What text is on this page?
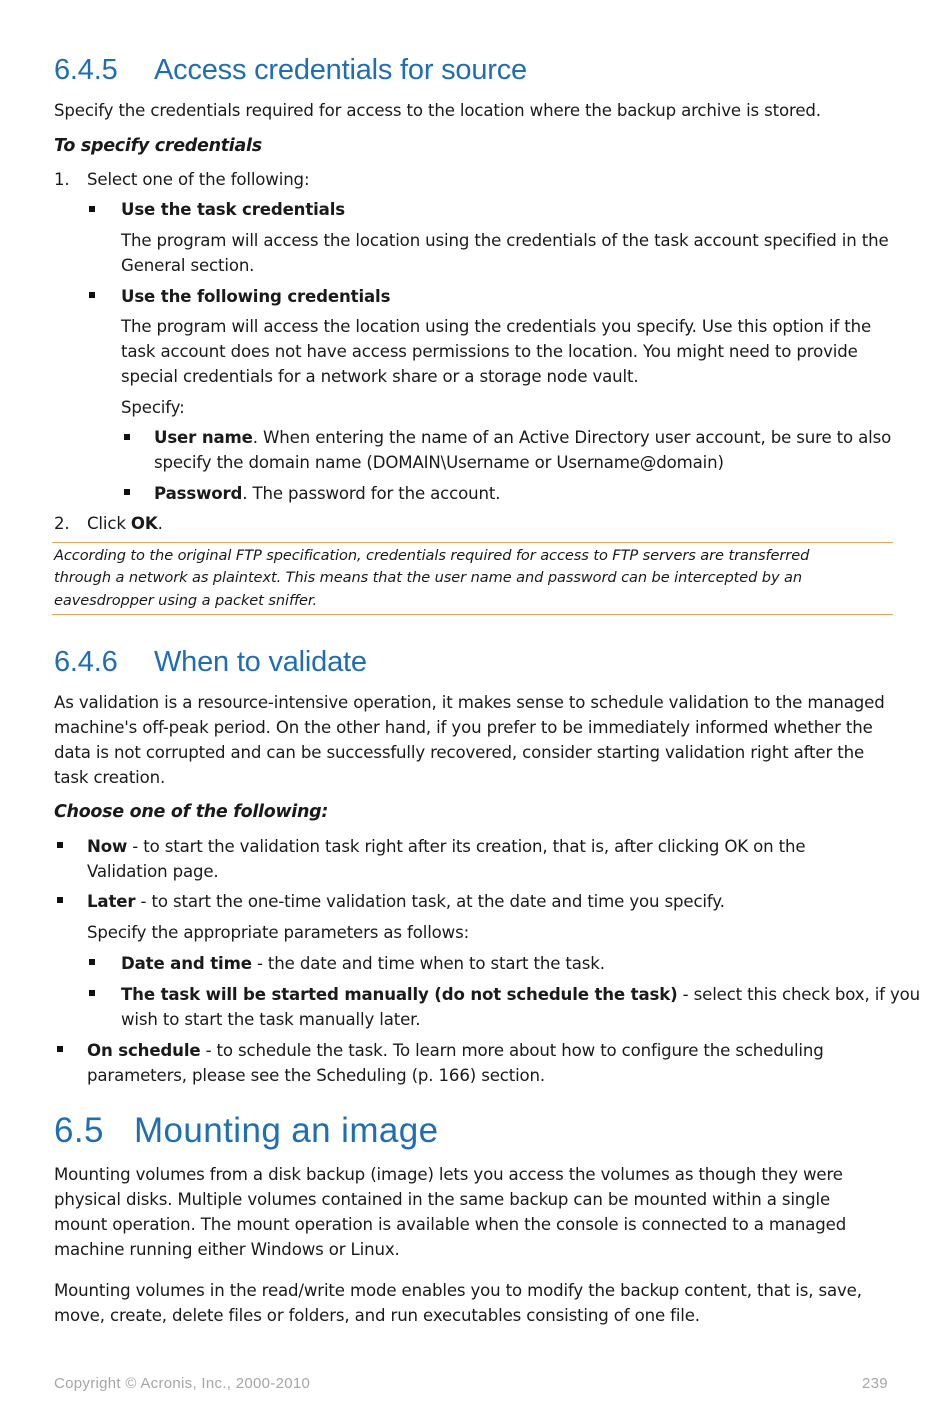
6.4.5 Access credentials for source
Specify the credentials required for access to the location where the backup archive is stored.
To specify credentials
1. Select one of the following:
Use the task credentials
The program will access the location using the credentials of the task account specified in the
General section.
Use the following credentials
The program will access the location using the credentials you specify. Use this option if the
task account does not have access permissions to the location. You might need to provide
special credentials for a network share or a storage node vault.
Specify:
User name. When entering the name of an Active Directory user account, be sure to also
specify the domain name (DOMAIN\Username or Username@domain)
Password. The password for the account.
2. Click OK.
According to the original FTP specification, credentials required for access to FTP servers are transferred
through a network as plaintext. This means that the user name and password can be intercepted by an
eavesdropper using a packet sniffer.
6.4.6 When to validate
As validation is a resource-intensive operation, it makes sense to schedule validation to the managed
machine's off-peak period. On the other hand, if you prefer to be immediately informed whether the
data is not corrupted and can be successfully recovered, consider starting validation right after the
task creation.
Choose one of the following:
Now - to start the validation task right after its creation, that is, after clicking OK on the
Validation page.
Later - to start the one-time validation task, at the date and time you specify.
Specify the appropriate parameters as follows:
Date and time - the date and time when to start the task.
The task will be started manually (do not schedule the task) - select this check box, if you
wish to start the task manually later.
On schedule - to schedule the task. To learn more about how to configure the scheduling
parameters, please see the Scheduling (p. 166) section.
6.5 Mounting an image
Mounting volumes from a disk backup (image) lets you access the volumes as though they were
physical disks. Multiple volumes contained in the same backup can be mounted within a single
mount operation. The mount operation is available when the console is connected to a managed
machine running either Windows or Linux.
Mounting volumes in the read/write mode enables you to modify the backup content, that is, save,
move, create, delete files or folders, and run executables consisting of one file.
Copyright © Acronis, Inc., 2000-2010	239
